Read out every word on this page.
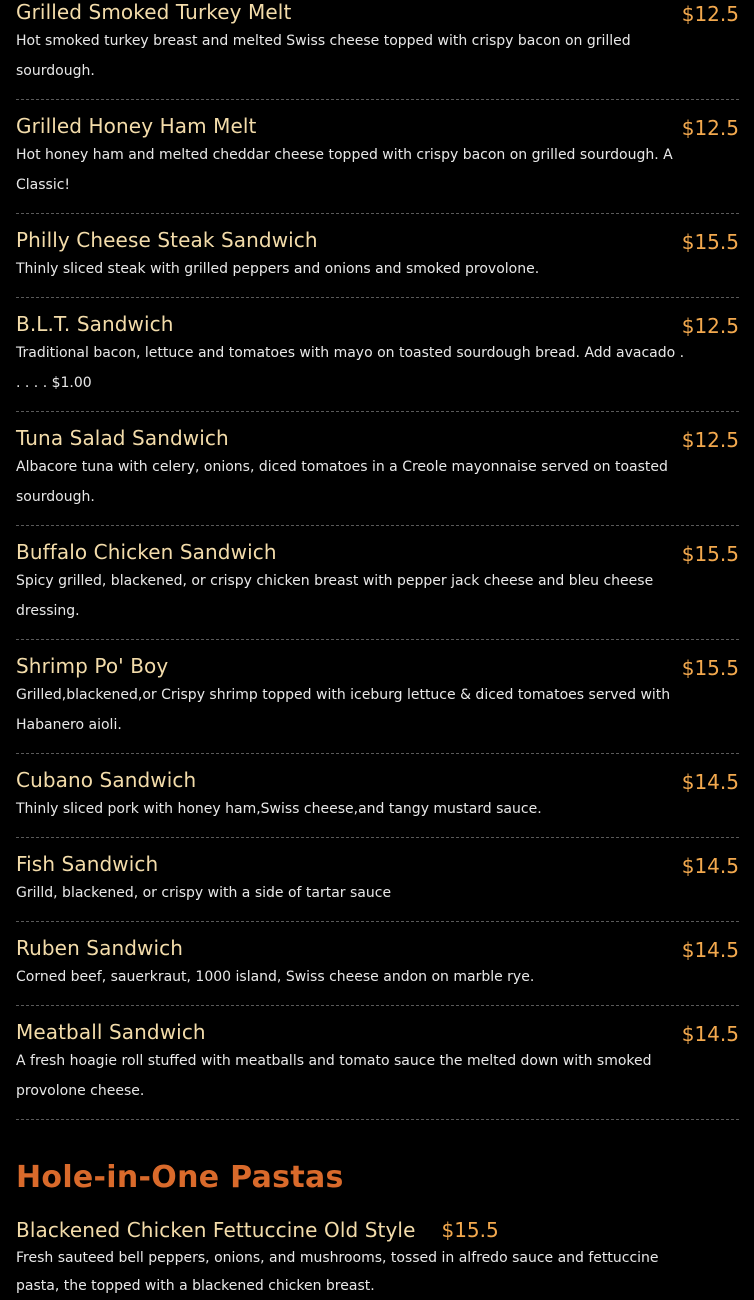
Grilled Smoked Turkey Melt	$12.5
Hot smoked turkey breast and melted Swiss cheese topped with crispy bacon on grilled sourdough.
Grilled Honey Ham Melt	$12.5
Hot honey ham and melted cheddar cheese topped with crispy bacon on grilled sourdough. A Classic!
Philly Cheese Steak Sandwich	$15.5
Thinly sliced steak with grilled peppers and onions and smoked provolone.
B.L.T. Sandwich	$12.5
Traditional bacon, lettuce and tomatoes with mayo on toasted sourdough bread. Add avacado . . . . . $1.00
Tuna Salad Sandwich	$12.5
Albacore tuna with celery, onions, diced tomatoes in a Creole mayonnaise served on toasted sourdough.
Buffalo Chicken Sandwich	$15.5
Spicy grilled, blackened, or crispy chicken breast with pepper jack cheese and bleu cheese dressing.
Shrimp Po' Boy	$15.5
Grilled,blackened,or Crispy shrimp topped with iceburg lettuce & diced tomatoes served with Habanero aioli.
Cubano Sandwich	$14.5
Thinly sliced pork with honey ham,Swiss cheese,and tangy mustard sauce.
Fish Sandwich	$14.5
Grilld, blackened, or crispy with a side of tartar sauce
Ruben Sandwich	$14.5
Corned beef, sauerkraut, 1000 island, Swiss cheese andon on marble rye.
Meatball Sandwich	$14.5
A fresh hoagie roll stuffed with meatballs and tomato sauce the melted down with smoked provolone cheese.
Hole-in-One Pastas
Blackened Chicken Fettuccine Old Style $15.5
Fresh sauteed bell peppers, onions, and mushrooms, tossed in alfredo sauce and fettuccine pasta, the topped with a blackened chicken breast.
